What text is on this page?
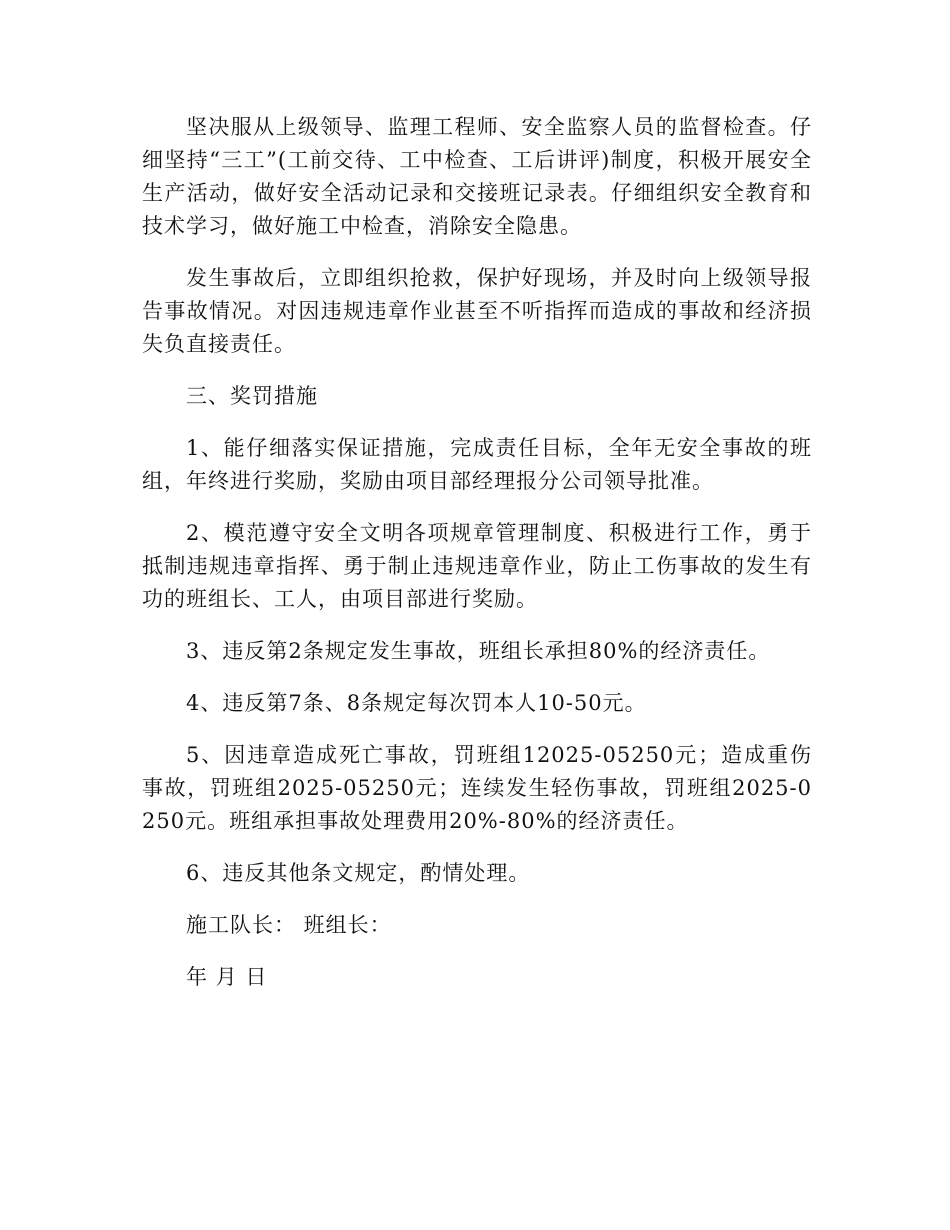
坚决服从上级领导、监理工程师、安全监察人员的监督检查。仔细坚持“三工”(工前交待、工中检查、工后讲评)制度，积极开展安全生产活动，做好安全活动记录和交接班记录表。仔细组织安全教育和技术学习，做好施工中检查，消除安全隐患。

发生事故后，立即组织抢救，保护好现场，并及时向上级领导报告事故情况。对因违规违章作业甚至不听指挥而造成的事故和经济损失负直接责任。

三、奖罚措施

1、能仔细落实保证措施，完成责任目标，全年无安全事故的班组，年终进行奖励，奖励由项目部经理报分公司领导批准。

2、模范遵守安全文明各项规章管理制度、积极进行工作，勇于抵制违规违章指挥、勇于制止违规违章作业，防止工伤事故的发生有功的班组长、工人，由项目部进行奖励。

3、违反第2条规定发生事故，班组长承担80%的经济责任。

4、违反第7条、8条规定每次罚本人10-50元。

5、因违章造成死亡事故，罚班组12025-05250元；造成重伤事故，罚班组2025-05250元；连续发生轻伤事故，罚班组2025-0250元。班组承担事故处理费用20%-80%的经济责任。

6、违反其他条文规定，酌情处理。

施工队长： 班组长：

年 月 日
